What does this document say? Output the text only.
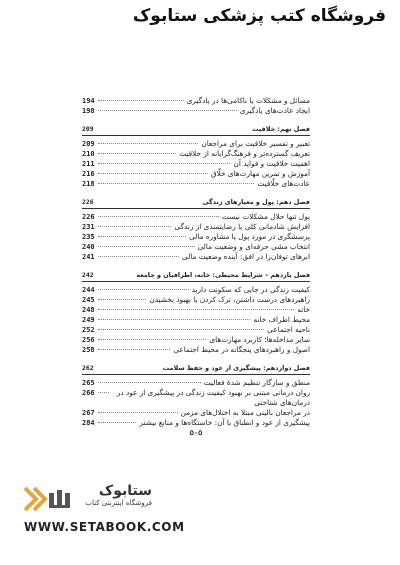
فروشگاه کتب پزشکی ستابوک
مسائل و مشکلات یا ناکامی‌ها در یادگیری
194
ایجاد عادت‌های یادگیری
198
فصل نهم: خلاقیت
209
تعبیر و تفسیر خلاقیت برای مراجعان
209
تعریف گسترده‌تر و فرهنگ‌گرایانه از خلاقیت
210
اهمیت خلاقیت و فواید آن
211
آموزش و تمرین مهارت‌های خلّاق
216
عادت‌های خلّاقیت
218
فصل دهم: پول و معیارهای زندگی
226
پول تنها حلال مشکلات نیست
226
افزایش شادمانی کلی یا رضایتمندی از زندگی
231
پرسشگری در مورد پول یا مشاوره مالی
235
انتخاب مشی حرفه‌ای و وضعیت مالی
240
ابرهای توفان‌زا در افق: آینده وضعیت مالی
241
فصل یازدهم – شرایط محیطی: خانه، اطرافیان و جامعه
242
کیفیت زندگی در جایی که سکونت دارید
244
راهبردهای درست داشتن، ترک کردن یا بهبود بخشیدن
245
خانه
248
محیط اطراف خانه
249
ناحیه اجتماعی
252
سایر مداخله‌ها؛ کاربرد مهارت‌های
256
اصول و راهبردهای پنجگانه در محیط اجتماعی
258
فصل دوازدهم: پیشگیری از عود و حفظ سلامت
262
منطق و سازگار تنظیم شدهٔ فعالیت
265
روان درمانی مبتنی بر بهبود کیفیت زندگی در پیشگیری از عود در درمان‌های شناختی
266
در مراجعان بالینی مبتلا به اختلال‌های مزمن
267
پیشگیری از عود و انطباق با آن: خاستگاه‌ها و منابع بیشتر
284
۵۰۵
ستابوک
فروشگاه اینترنتی کتاب
WWW.SETABOOK.COM
